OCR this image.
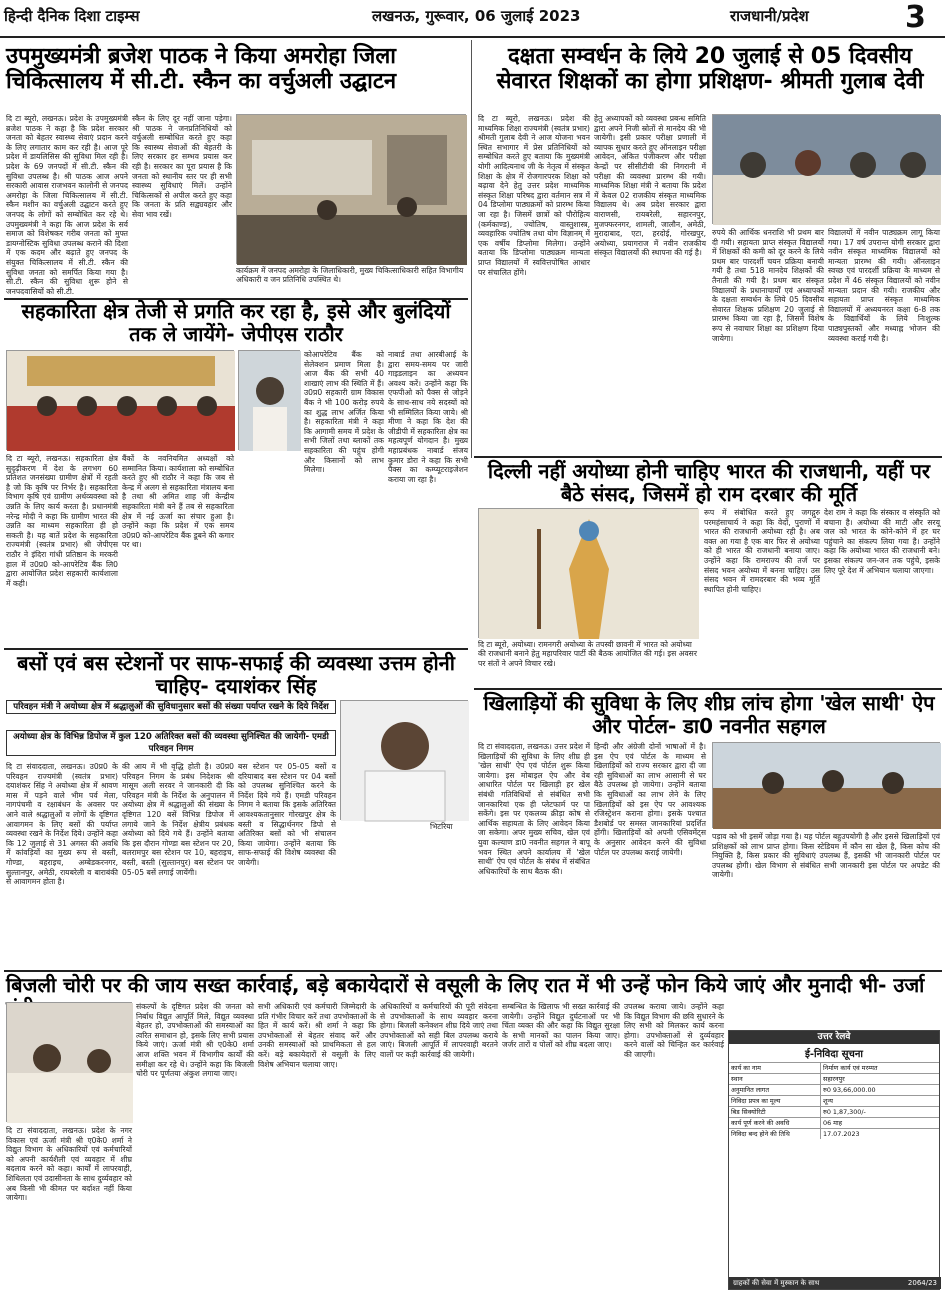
हिन्दी दैनिक दिशा टाइम्स	लखनऊ, गुरूवार, 06 जुलाई 2023	राजधानी/प्रदेश	3
उपमुख्यमंत्री ब्रजेश पाठक ने किया अमरोहा जिला चिकित्सालय में सी.टी. स्कैन का वर्चुअली उद्घाटन
दि टा ब्यूरो, लखनऊ। प्रदेश के उपमुख्यमंत्री ब्रजेश पाठक ने कहा है कि प्रदेश सरकार जनता को बेहतर स्वास्थ्य सेवाएं प्रदान करने के लिए लगातार काम कर रही है। आज पूरे प्रदेश में डायलिसिस की सुविधा मिल रही है। प्रदेश के 69 जनपदों में सी.टी. स्कैन की सुविधा उपलब्ध है। श्री पाठक आज अपने सरकारी आवास राजभवन कालोनी से जनपद अमरोहा के जिला चिकित्सालय में सी.टी. स्कैन मशीन का वर्चुअली उद्घाटन करते हुए जनपद के लोगों को सम्बोधित कर रहे थे। उपमुख्यमंत्री ने कहा कि आज प्रदेश के सर्व समाज को विशेषकर गरीब जनता को मुफ्त डायग्नोस्टिक सुविधा उपलब्ध कराने की दिशा में एक कदम और बढ़ाते हुए जनपद के संयुक्त चिकित्सालय में सी.टी. स्कैन की सुविधा जनता को समर्पित किया गया है। सी.टी. स्कैन की सुविधा शुरू होने से जनपदवासियों को सी.टी.
स्कैन के लिए दूर नहीं जाना पड़ेगा। श्री पाठक ने जनप्रतिनिधियों को वर्चुअली सम्बोधित करते हुए कहा कि स्वास्थ्य सेवाओं की बेहतरी के लिए सरकार हर सम्भव प्रयास कर रही है। सरकार का पूरा प्रयास है कि जनता को स्थानीय स्तर पर ही सभी स्वास्थ्य सुविधाएं मिलें। उन्होंने चिकित्सकों से अपील करते हुए कहा कि जनता के प्रति सद्व्यवहार और सेवा भाव रखें।
कार्यक्रम में जनपद अमरोहा के जिलाधिकारी, मुख्य चिकित्साधिकारी सहित विभागीय अधिकारी व जन प्रतिनिधि उपस्थित थे।
दक्षता सम्वर्धन के लिये 20 जुलाई से 05 दिवसीय सेवारत शिक्षकों का होगा प्रशिक्षण- श्रीमती गुलाब देवी
दि टा ब्यूरो, लखनऊ। प्रदेश की माध्यमिक शिक्षा राज्यमंत्री (स्वतंत्र प्रभार) श्रीमती गुलाब देवी ने आज योजना भवन स्थित सभागार में प्रेस प्रतिनिधियों को सम्बोधित करते हुए बताया कि मुख्यमंत्री योगी आदित्यनाथ जी के नेतृत्व में संस्कृत शिक्षा के क्षेत्र में रोजगारपरक शिक्षा को बढ़ावा देने हेतु उत्तर प्रदेश माध्यमिक संस्कृत शिक्षा परिषद द्वारा वर्तमान सत्र में 04 डिप्लोमा पाठ्यक्रमों को प्रारम्भ किया जा रहा है। जिसमें छात्रों को पौरोहित्य (कर्मकाण्ड), ज्योतिष, वास्तुशास्त्र, व्यवहारिक ज्योतिष तथा योग विज्ञानम् में एक वर्षीय डिप्लोमा मिलेगा। उन्होंने बताया कि डिप्लोमा पाठ्यक्रम मान्यता प्राप्त विद्यालयों में स्ववित्तपोषित आधार पर संचालित होंगे।
हेतु अध्यापकों को व्यवस्था प्रबन्ध समिति द्वारा अपने निजी स्रोतों से मानदेय की भी जायेगी। इसी प्रकार परीक्षा प्रणाली में व्यापक सुधार करते हुए ऑनलाइन परीक्षा आवेदन, अंकित पंजीकरण और परीक्षा केन्द्रों पर सीसीटीवी की निगरानी में परीक्षा की व्यवस्था प्रारम्भ की गयी। माध्यमिक शिक्षा मंत्री ने बताया कि प्रदेश में केवल 02 राजकीय संस्कृत माध्यमिक विद्यालय थे। अब प्रदेश सरकार द्वारा वाराणसी, रायबरेली, सहारनपुर, मुजफ्फरनगर, शामली, जालौन, अमेठी, मुरादाबाद, एटा, हरदोई, गोरखपुर, अयोध्या, प्रयागराज में नवीन राजकीय संस्कृत विद्यालयों की स्थापना की गई है।
रुपये की आर्थिक धनराशि भी प्रथम बार दी गयी। सहायता प्राप्त संस्कृत विद्यालयों में शिक्षकों की कमी को दूर करने के लिये प्रथम बार पारदर्शी चयन प्रक्रिया बनायी गयी है तथा 518 मानदेय शिक्षकों की तैनाती की गयी है। प्रथम बार संस्कृत विद्यालयों के प्रधानाचार्यों एवं अध्यापकों के दक्षता सम्वर्धन के लिये 05 दिवसीय सेवारत शिक्षक प्रशिक्षण 20 जुलाई से प्रारम्भ किया जा रहा है, जिसमें विशेष रूप से नवाचार शिक्षा का प्रशिक्षण दिया जायेगा।
विद्यालयों में नवीन पाठ्यक्रम लागू किया गया। 17 वर्ष उपरान्त योगी सरकार द्वारा नवीन संस्कृत माध्यमिक विद्यालयों को मान्यता प्रारम्भ की गयी। ऑनलाइन स्वच्छ एवं पारदर्शी प्रक्रिया के माध्यम से प्रदेश में 46 संस्कृत विद्यालयों को नवीन मान्यता प्रदान की गयी। राजकीय और सहायता प्राप्त संस्कृत माध्यमिक विद्यालयों में अध्ययनरत कक्षा 6-8 तक के विद्यार्थियों के लिये निःशुल्क पाठ्यपुस्तकों और मध्याह्न भोजन की व्यवस्था कराई गयी है।
सहकारिता क्षेत्र तेजी से प्रगति कर रहा है, इसे और बुलंदियों तक ले जायेंगे- जेपीएस राठौर
दि टा ब्यूरो, लखनऊ। सहकारिता क्षेत्र सुदृढ़ीकरण में देश के लगभग 60 प्रतिशत जनसंख्या ग्रामीण क्षेत्रों में रहती है जो कि कृषि पर निर्भर है। सहकारिता विभाग कृषि एवं ग्रामीण अर्थव्यवस्था को उन्नति के लिए कार्य करता है। प्रधानमंत्री नरेन्द्र मोदी ने कहा कि ग्रामीण भारत की उन्नति का माध्यम सहकारिता ही हो सकती है। यह बातें प्रदेश के सहकारिता राज्यमंत्री (स्वतंत्र प्रभार) श्री जेपीएस राठौर ने इंदिरा गांधी प्रतिष्ठान के मरकरी हाल में उ0प्र0 को-आपरेटिव बैंक लि0 द्वारा आयोजित प्रदेश सहकारी कार्यशाला में कही।
बैंकों के नवनियमित अध्यक्षों को सम्मानित किया। कार्यशाला को सम्बोधित करते हुए श्री राठौर ने कहा कि जब से केन्द्र में अलग से सहकारिता मंत्रालय बना है तथा श्री अमित शाह जी केन्द्रीय सहकारिता मंत्री बने हैं तब से सहकारिता क्षेत्र में नई ऊर्जा का संचार हुआ है। उन्होंने कहा कि प्रदेश में एक समय उ0प्र0 को-आपरेटिव बैंक डूबने की कगार पर था।
कोआपरेटिव बैंक को सेलेक्शन प्रमाण मिला है। आज बैंक की सभी 40 शाखाएं लाभ की स्थिति में हैं। उ0प्र0 सहकारी ग्राम विकास बैंक ने भी 100 करोड़ रुपये का शुद्ध लाभ अर्जित किया है। सहकारिता मंत्री ने कहा कि आगामी समय में प्रदेश के सभी जिलों तथा ब्लाकों तक सहकारिता की पहुंच होगी और किसानों को लाभ मिलेगा।
नाबार्ड तथा आरबीआई के द्वारा समय-समय पर जारी गाइडलाइन का अध्ययन अवश्य करें। उन्होंने कहा कि एफपीओ को पैक्स से जोड़ने के साथ-साथ नये सदस्यों को भी सम्मिलित किया जाये। श्री मीणा ने कहा कि देश की जीडीपी में सहकारिता क्षेत्र का महत्वपूर्ण योगदान है। मुख्य महाप्रबंधक नाबार्ड संजय कुमार डोरा ने कहा कि सभी पैक्स का कम्प्यूटराइजेशन कराया जा रहा है।	दिल्ली नहीं अयोध्या होनी चाहिए भारत की राजधानी, यहीं पर बैठे संसद, जिसमें हो राम दरबार की मूर्ति
दि टा ब्यूरो, अयोध्या। रामनगरी अयोध्या के तपस्वी छावनी में भारत को अयोध्या की राजधानी बनाने हेतु महापरिवार पार्टी की बैठक आयोजित की गई। इस अवसर पर संतों ने अपने विचार रखे।
रूप में संबोधित करते हुए जगद्गुरु परमहंसाचार्य ने कहा कि वेदों, पुराणों में भारत की राजधानी अयोध्या रही है। अब वक्त आ गया है एक बार फिर से अयोध्या को ही भारत की राजधानी बनाया जाए। उन्होंने कहा कि रामराज्य की तर्ज पर संसद भवन अयोध्या में बनना चाहिए। उस संसद भवन में रामदरबार की भव्य मूर्ति स्थापित होनी चाहिए।
देश राम ने कहा कि संस्कार व संस्कृति को बचाना है। अयोध्या की माटी और सरयू जल को भारत के कोने-कोने में हर घर पहुंचाने का संकल्प लिया गया है। उन्होंने कहा कि अयोध्या भारत की राजधानी बने। इसका संकल्प जन-जन तक पहुंचे, इसके लिए पूरे देश में अभियान चलाया जाएगा।
बसों एवं बस स्टेशनों पर साफ-सफाई की व्यवस्था उत्तम होनी चाहिए- दयाशंकर सिंह
परिवहन मंत्री ने अयोध्या क्षेत्र में श्रद्धालुओं की सुविधानुसार बसों की संख्या पर्याप्त रखने के दिये निर्देश
अयोध्या क्षेत्र के विभिन्न डिपोज में कुल 120 अतिरिक्त बसों की व्यवस्था सुनिश्चित की जायेगी- एमडी परिवहन निगम
भिटरिया
दि टा संवाददाता, लखनऊ। उ0प्र0 के परिवहन राज्यमंत्री (स्वतंत्र प्रभार) दयाशंकर सिंह ने अयोध्या क्षेत्र में श्रावण मास में पड़ने वाले भीम पर्व मेला, नागपंचमी व रक्षाबंधन के अवसर पर आने वाले श्रद्धालुओं व लोगों के दृष्टिगत आवागमन के लिए बसों की पर्याप्त व्यवस्था रखने के निर्देश दिये। उन्होंने कहा कि 12 जुलाई से 31 अगस्त की अवधि में कांवड़ियों का मुख्य रूप से बस्ती, गोण्डा, बहराइच, अम्बेडकरनगर, सुल्तानपुर, अमेठी, रायबरेली व बाराबंकी से आवागमन होता है।
की आय में भी वृद्धि होती है। उ0प्र0 परिवहन निगम के प्रबंध निदेशक श्री मासूम अली सरवर ने जानकारी दी कि परिवहन मंत्री के निर्देश के अनुपालन में अयोध्या क्षेत्र में श्रद्धालुओं की संख्या के दृष्टिगत 120 बसें विभिन्न डिपोज में लगाये जाने के निर्देश क्षेत्रीय प्रबंधक अयोध्या को दिये गये हैं। उन्होंने बताया कि इस दौरान गोण्डा बस स्टेशन पर 20, बलरामपुर बस स्टेशन पर 10, बहराइच, बस्ती, बस्ती (सुल्तानपुर) बस स्टेशन पर 05-05 बसें लगाई जायेंगी।
बस स्टेशन पर 05-05 बसों व दरियाबाद बस स्टेशन पर 04 बसों को उपलब्ध सुनिश्चित करने के निर्देश दिये गये हैं। एमडी परिवहन निगम ने बताया कि इसके अतिरिक्त आवश्यकतानुसार गोरखपुर क्षेत्र के बस्ती व सिद्धार्थनगर डिपो से अतिरिक्त बसों को भी संचालन किया जायेगा। उन्होंने बताया कि साफ-सफाई की विशेष व्यवस्था की जायेगी।
खिलाड़ियों की सुविधा के लिए शीघ्र लांच होगा 'खेल साथी' ऐप और पोर्टल- डा0 नवनीत सहगल
दि टा संवाददाता, लखनऊ। उत्तर प्रदेश में खिलाड़ियों की सुविधा के लिए शीघ्र ही 'खेल साथी' ऐप एवं पोर्टल शुरू किया जायेगा। इस मोबाइल ऐप और वेब आधारित पोर्टल पर खिलाड़ी हर खेल संबंधी गतिविधियों से संबंधित सभी जानकारियां एक ही प्लेटफार्म पर पा सकेंगे। इस पर एकलव्य क्रीड़ा कोष से आर्थिक सहायता के लिए आवेदन किया जा सकेगा। अपर मुख्य सचिव, खेल एवं युवा कल्याण डा0 नवनीत सहगल ने बापू भवन स्थित अपने कार्यालय में 'खेल साथी' ऐप एवं पोर्टल के संबंध में संबंधित अधिकारियों के साथ बैठक की।
हिन्दी और अंग्रेजी दोनों भाषाओं में है। इस ऐप एवं पोर्टल के माध्यम से खिलाड़ियों को राज्य सरकार द्वारा दी जा रही सुविधाओं का लाभ आसानी से घर बैठे उपलब्ध हो जायेगा। उन्होंने बताया कि सुविधाओं का लाभ लेने के लिए खिलाड़ियों को इस ऐप पर आवश्यक रजिस्ट्रेशन कराना होगा। इसके पश्चात डैशबोर्ड पर समस्त जानकारियां प्रदर्शित होंगी। खिलाड़ियों को अपनी एसिवमेंट्स के अनुसार आवेदन करने की सुविधा पोर्टल पर उपलब्ध कराई जायेगी।
पड़ाव को भी इसमें जोड़ा गया है। यह पोर्टल बहुउपयोगी है और इससे खिलाड़ियों एवं प्रशिक्षकों को लाभ प्राप्त होगा। किस स्टेडियम में कौन सा खेल है, किस कोच की नियुक्ति है, किस प्रकार की सुविधाएं उपलब्ध हैं, इसकी भी जानकारी पोर्टल पर उपलब्ध होगी। खेल विभाग से संबंधित सभी जानकारी इस पोर्टल पर अपडेट की जायेगी।
बिजली चोरी पर की जाय सख्त कार्रवाई, बड़े बकायेदारों से वसूली के लिए रात में भी उन्हें फोन किये जाएं और मुनादी भी- उर्जा
दि टा संवाददाता, लखनऊ। प्रदेश के नगर विकास एवं ऊर्जा मंत्री श्री ए0के0 शर्मा ने विद्युत विभाग के अधिकारियों एवं कर्मचारियों को अपनी कार्यशैली एवं व्यवहार में शीघ्र बदलाव करने को कहा। कार्यों में लापरवाही, शिथिलता एवं उदासीनता के साथ दुर्व्यवहार को अब किसी भी कीमत पर बर्दाश्त नहीं किया जायेगा।
संकल्पों के दृष्टिगत प्रदेश की जनता को निर्बाध विद्युत आपूर्ति मिले, विद्युत व्यवस्था बेहतर हो, उपभोक्ताओं की समस्याओं का त्वरित समाधान हो, इसके लिए सभी प्रयास किये जाएं। ऊर्जा मंत्री श्री ए0के0 शर्मा आज शक्ति भवन में विभागीय कार्यों की समीक्षा कर रहे थे। उन्होंने कहा कि बिजली चोरी पर पूर्णतया अंकुश लगाया जाए।
सभी अधिकारी एवं कर्मचारी जिम्मेदारी के प्रति गंभीर विचार करें तथा उपभोक्ताओं के हित में कार्य करें। श्री शर्मा ने कहा कि उपभोक्ताओं से बेहतर संवाद करें और उनकी समस्याओं को प्राथमिकता से हल करें। बड़े बकायेदारों से वसूली के लिए विशेष अभियान चलाया जाए।
अधिकारियों व कर्मचारियों की पूरी संवेदना से उपभोक्ताओं के साथ व्यवहार करना होगा। बिजली कनेक्शन शीघ्र दिये जाएं तथा उपभोक्ताओं को सही बिल उपलब्ध कराये जाएं। बिजली आपूर्ति में लापरवाही बरतने वालों पर कड़ी कार्रवाई की जायेगी।
सम्बन्धित के खिलाफ भी सख्त कार्रवाई की जायेगी। उन्होंने विद्युत दुर्घटनाओं पर भी चिंता व्यक्त की और कहा कि विद्युत सुरक्षा के सभी मानकों का पालन किया जाए। जर्जर तारों व पोलों को शीघ्र बदला जाए।
उपलब्ध कराया जाये। उन्होंने कहा कि विद्युत विभाग की छवि सुधारने के लिए सभी को मिलकर कार्य करना होगा। उपभोक्ताओं से दुर्व्यवहार करने वालों को चिन्हित कर कार्रवाई की जाएगी।
उत्तर रेलवे
ई-निविदा सूचना
कार्य का नाम	निर्माण कार्य एवं मरम्मत
स्थान	सहारनपुर
अनुमानित लागत	रु0 93,66,000.00
निविदा प्रपत्र का मूल्य	शून्य
बिड सिक्योरिटी	रु0 1,87,300/-
कार्य पूर्ण करने की अवधि	06 माह
निविदा बन्द होने की तिथि	17.07.2023
ग्राहकों की सेवा में मुस्कान के साथ	2064/23
